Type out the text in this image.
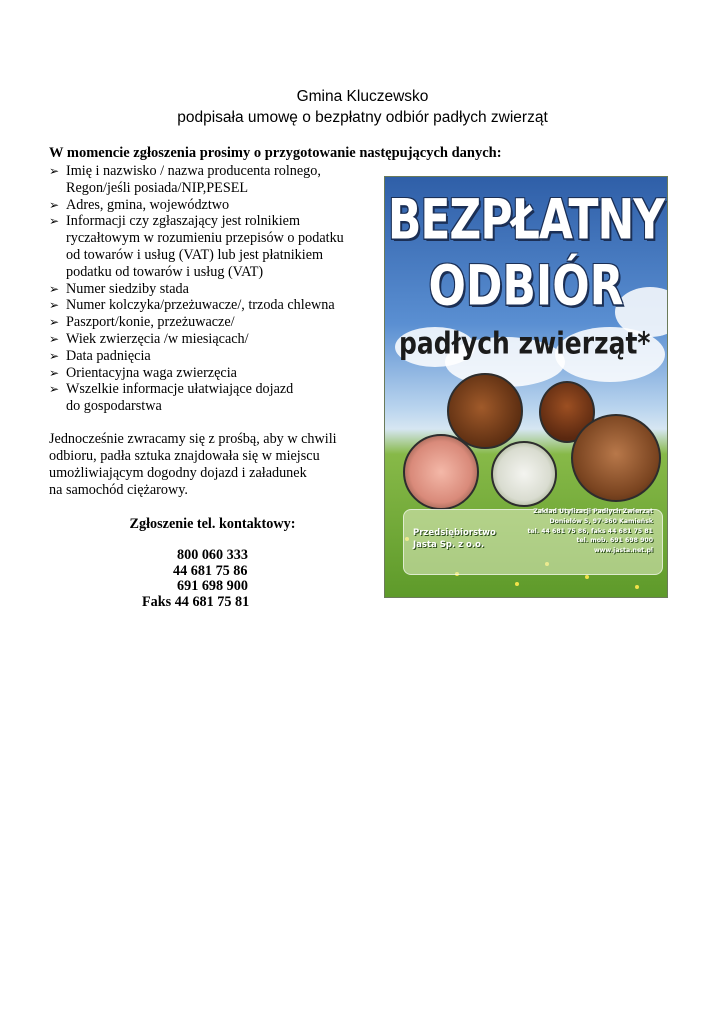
Gmina Kluczewsko
podpisała umowę o bezpłatny odbiór padłych zwierząt
W momencie zgłoszenia prosimy o przygotowanie następujących danych:
➢ Imię i nazwisko / nazwa producenta rolnego,
Regon/jeśli posiada/NIP,PESEL
➢ Adres, gmina, województwo
➢ Informacji czy zgłaszający jest rolnikiem
ryczałtowym w rozumieniu przepisów o podatku
od towarów i usług (VAT) lub jest płatnikiem
podatku od towarów i usług (VAT)
➢ Numer siedziby stada
➢ Numer kolczyka/przeżuwacze/, trzoda chlewna
➢ Paszport/konie, przeżuwacze/
➢ Wiek zwierzęcia /w miesiącach/
➢ Data padnięcia
➢ Orientacyjna waga zwierzęcia
➢ Wszelkie informacje ułatwiające dojazd
do gospodarstwa
Jednocześnie zwracamy się z prośbą, aby w chwili
odbioru, padła sztuka znajdowała się w miejscu
umożliwiającym dogodny dojazd i załadunek
na samochód ciężarowy.
Zgłoszenie tel. kontaktowy:
800 060 333
44 681 75 86
691 698 900
Faks 44 681 75 81
BEZPŁATNY
ODBIÓR
padłych zwierząt*
Przedsiębiorstwo
Jasta Sp. z o.o.
Zakład Utylizacji Padłych Zwierząt
Doniełów 5, 97-360 Kamieńsk
tel. 44 681 75 86, faks 44 681 75 81
tel. mob. 691 698 900
www.jasta.net.pl
